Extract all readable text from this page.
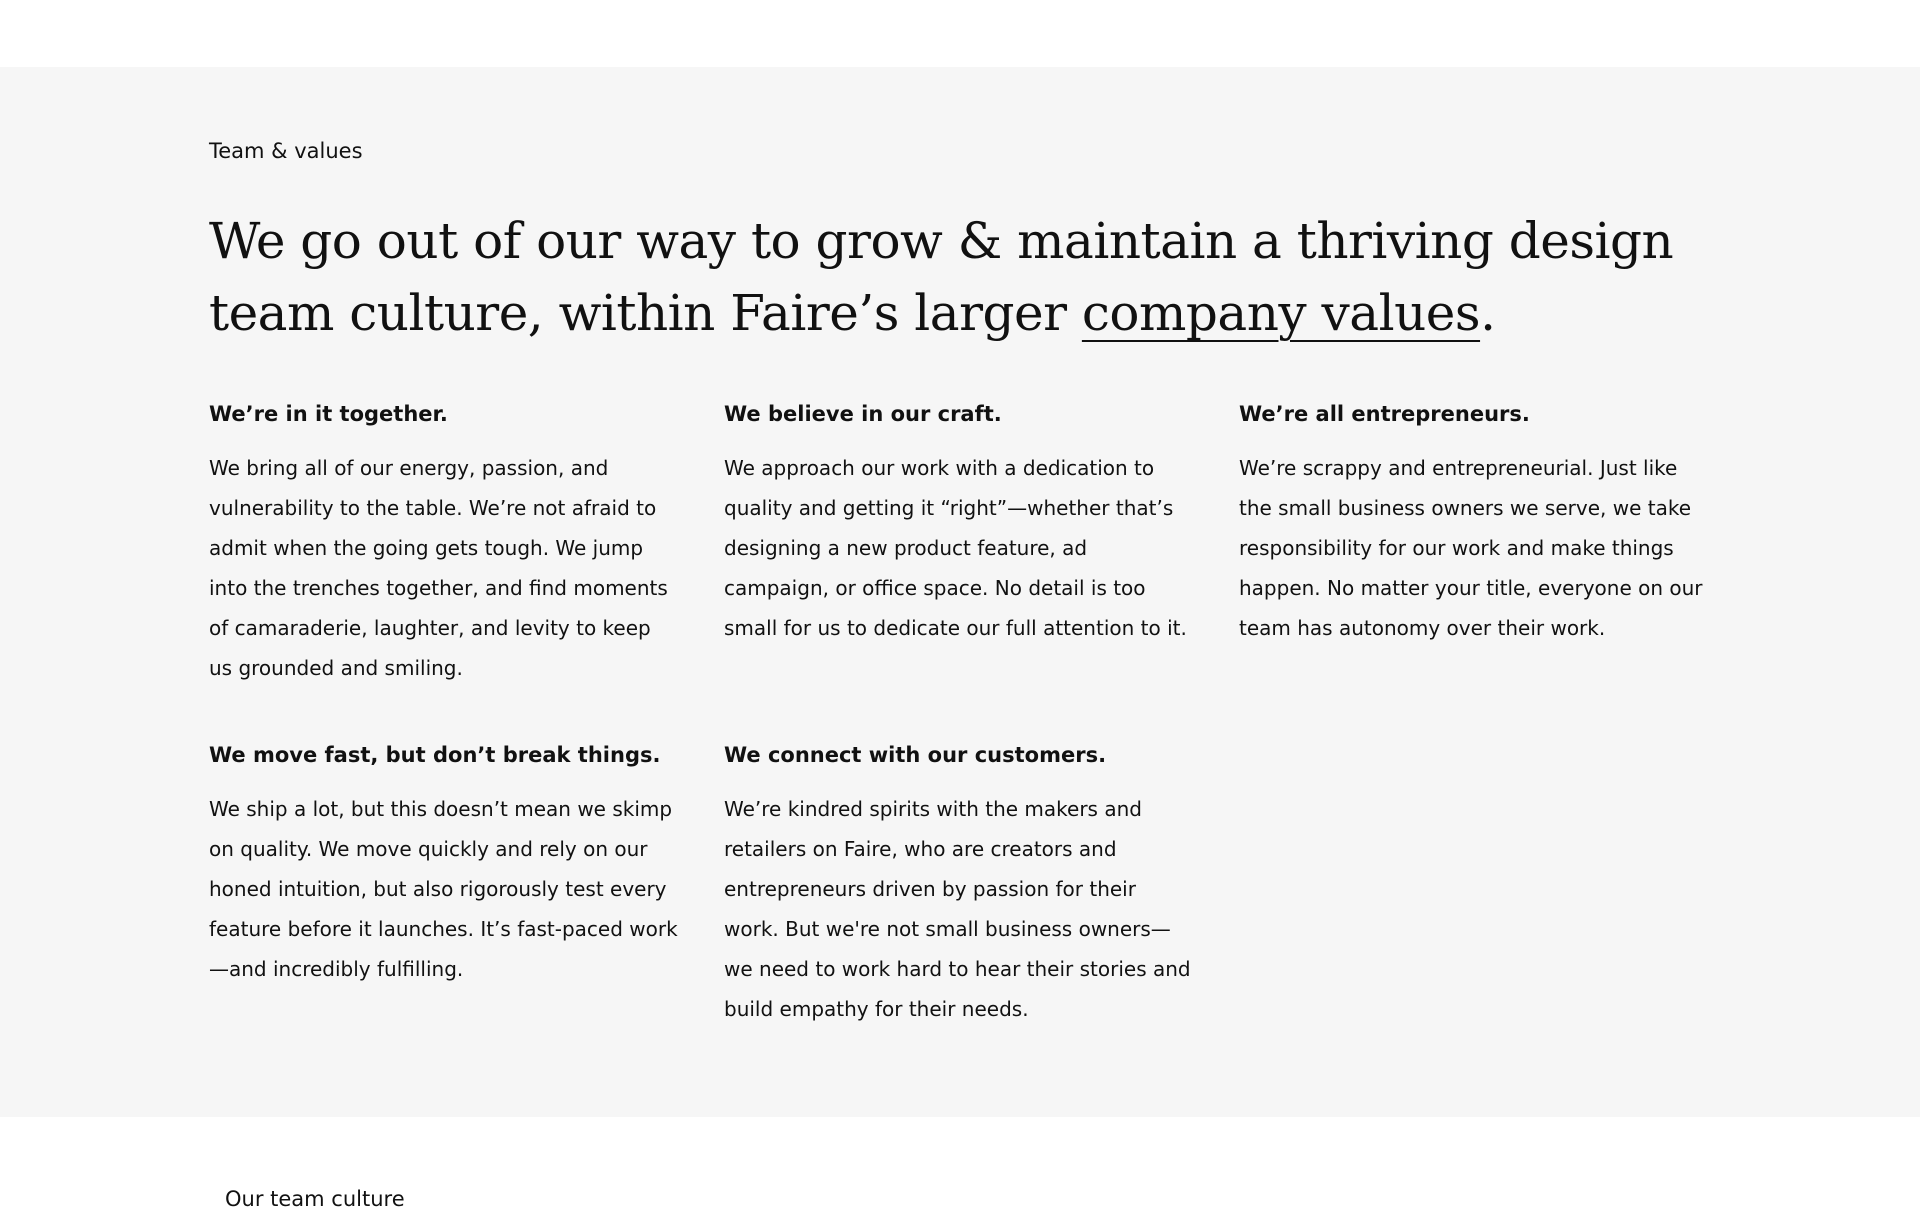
Team & values

We go out of our way to grow & maintain a thriving design team culture, within Faire’s larger company values.
We’re in it together.

We bring all of our energy, passion, and vulnerability to the table. We’re not afraid to admit when the going gets tough. We jump into the trenches together, and find moments of camaraderie, laughter, and levity to keep us grounded and smiling.

We believe in our craft.

We approach our work with a dedication to quality and getting it “right”—whether that’s designing a new product feature, ad campaign, or office space. No detail is too small for us to dedicate our full attention to it.

We’re all entrepreneurs.

We’re scrappy and entrepreneurial. Just like the small business owners we serve, we take responsibility for our work and make things happen. No matter your title, everyone on our team has autonomy over their work.

We move fast, but don’t break things.

We ship a lot, but this doesn’t mean we skimp on quality. We move quickly and rely on our honed intuition, but also rigorously test every feature before it launches. It’s fast-paced work—and incredibly fulfilling.

We connect with our customers.

We’re kindred spirits with the makers and retailers on Faire, who are creators and entrepreneurs driven by passion for their work. But we're not small business owners—we need to work hard to hear their stories and build empathy for their needs.

Our team culture
